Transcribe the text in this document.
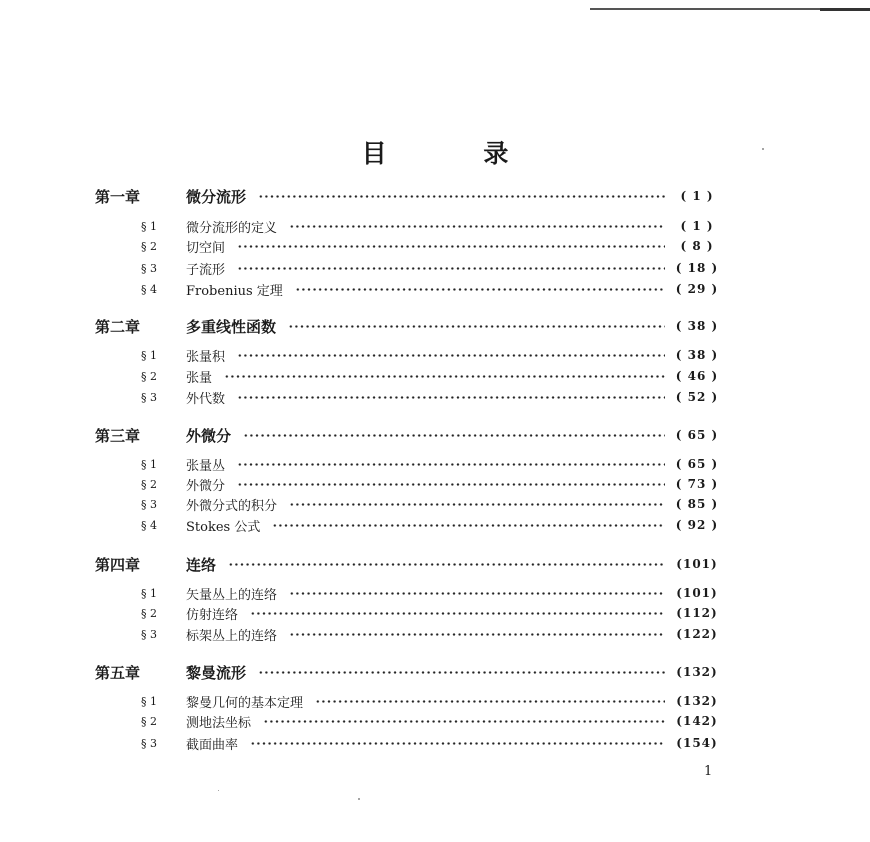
目 录
第一章	微分流形	( 1 )
§ 1	微分流形的定义	( 1 )
§ 2	切空间	( 8 )
§ 3	子流形	( 18 )
§ 4	Frobenius 定理	( 29 )
第二章	多重线性函数	( 38 )
§ 1	张量积	( 38 )
§ 2	张量	( 46 )
§ 3	外代数	( 52 )
第三章	外微分	( 65 )
§ 1	张量丛	( 65 )
§ 2	外微分	( 73 )
§ 3	外微分式的积分	( 85 )
§ 4	Stokes 公式	( 92 )
第四章	连络	(101)
§ 1	矢量丛上的连络	(101)
§ 2	仿射连络	(112)
§ 3	标架丛上的连络	(122)
第五章	黎曼流形	(132)
§ 1	黎曼几何的基本定理	(132)
§ 2	测地法坐标	(142)
§ 3	截面曲率	(154)
1
